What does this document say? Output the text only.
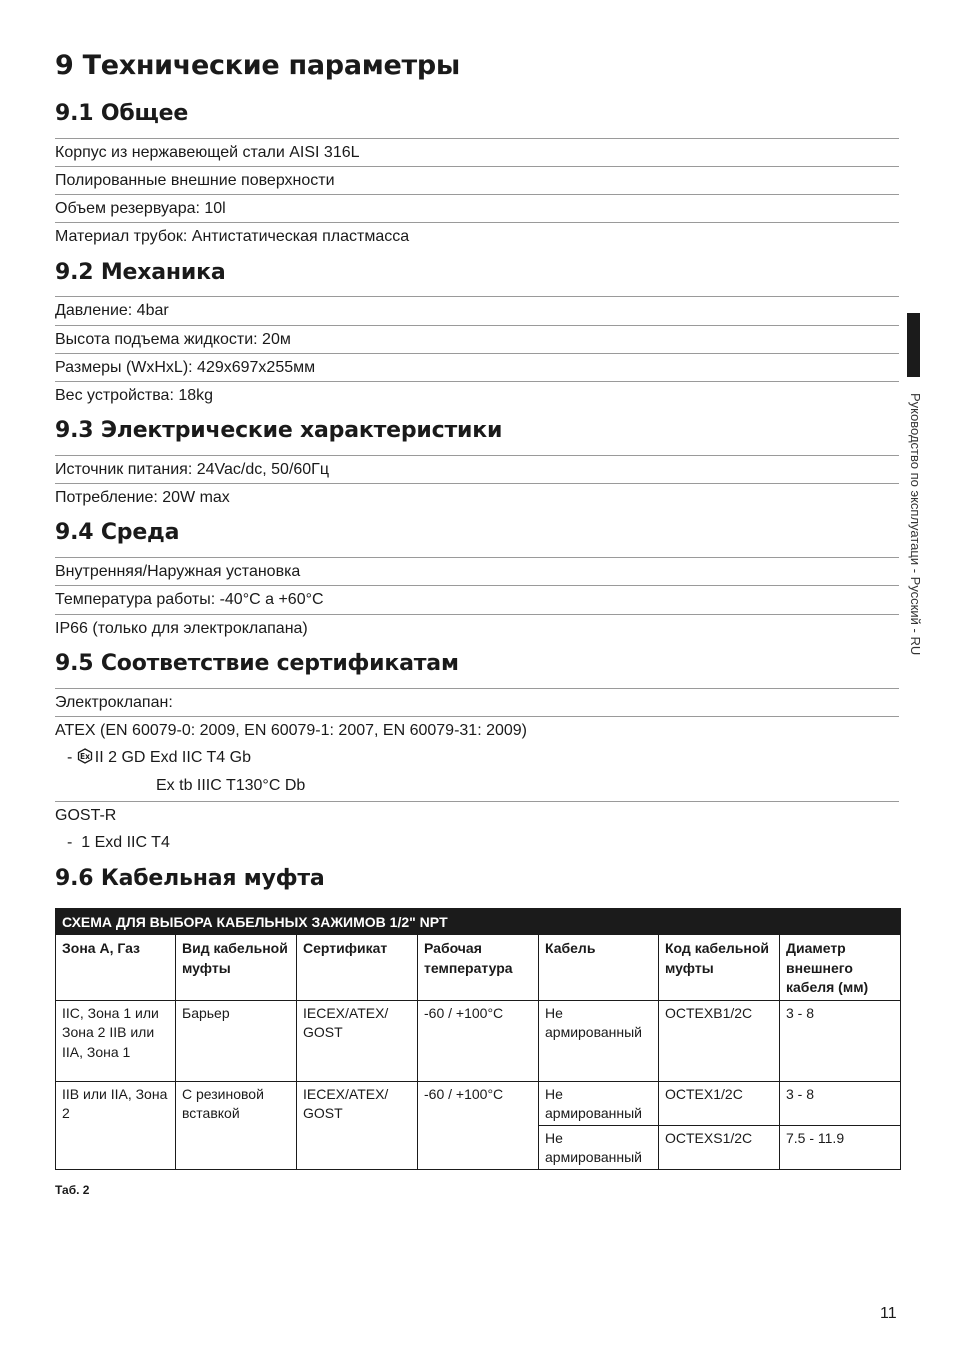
9 Технические параметры
9.1 Общее
Корпус из нержавеющей стали AISI 316L
Полированные внешние поверхности
Объем резервуара: 10l
Материал трубок: Антистатическая пластмасса
9.2 Механика
Давление: 4bar
Высота подъема жидкости: 20м
Размеры (WxHxL): 429x697x255мм
Вес устройства: 18kg
9.3 Электрические характеристики
Источник питания: 24Vac/dc, 50/60Гц
Потребление: 20W max
9.4 Среда
Внутренняя/Наружная установка
Температура работы: -40°C a +60°C
IP66 (только для электроклапана)
9.5 Соответствие сертификатам
Электроклапан:
ATEX (EN 60079-0: 2009, EN 60079-1: 2007, EN 60079-31: 2009)
- Ex II 2 GD Exd IIC T4 Gb
Ex tb IIIC T130°C Db
GOST-R
- 1 Exd IIC T4
9.6 Кабельная муфта
СХЕМА ДЛЯ ВЫБОРА КАБЕЛЬНЫХ ЗАЖИМОВ 1/2" NPT						
Зона А, Газ	Вид кабельной муфты	Сертификат	Рабочая температура	Кабель	Код кабельной муфты	Диаметр внешнего кабеля (мм)
IIC, Зона 1 или Зона 2 IIB или IIA, Зона 1	Барьер	IECEX/ATEX/ GOST	-60 / +100°C	Не армированный	OCTEXB1/2C	3 - 8
IIB или IIA, Зона 2	С резиновой вставкой	IECEX/ATEX/ GOST	-60 / +100°C	Не армированный	OCTEX1/2C	3 - 8
				Не армированный	OCTEXS1/2C	7.5 - 11.9
Таб. 2
Руководство по эксплуатаци - Русский - RU
11
